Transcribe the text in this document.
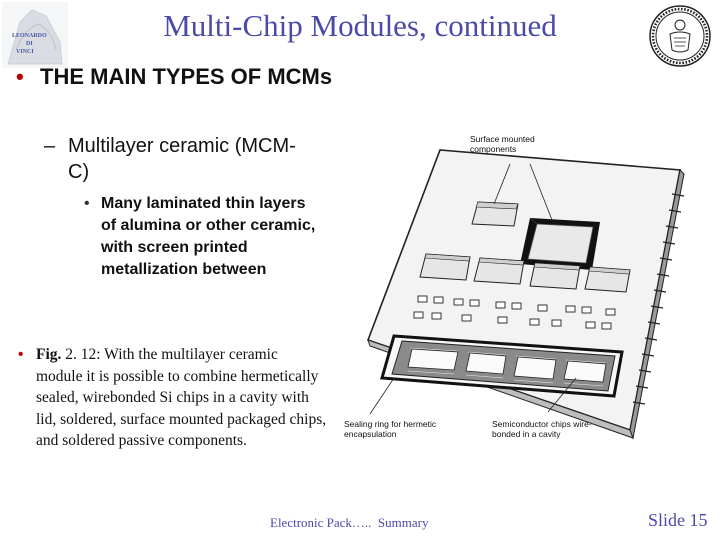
LEONARDO
DI
VINCI
Multi-Chip Modules, continued
• THE MAIN TYPES OF MCMs
– Multilayer ceramic (MCM-C)
• Many laminated thin layers of alumina or other ceramic, with screen printed metallization between
• Fig. 2. 12: With the multilayer ceramic module it is possible to combine hermetically sealed, wirebonded Si chips in a cavity with lid, soldered, surface mounted packaged chips, and soldered passive components.
Surface mounted components
Sealing ring for hermetic encapsulation
Semiconductor chips wire-bonded in a cavity
Electronic Pack…..  Summary	Slide 15
